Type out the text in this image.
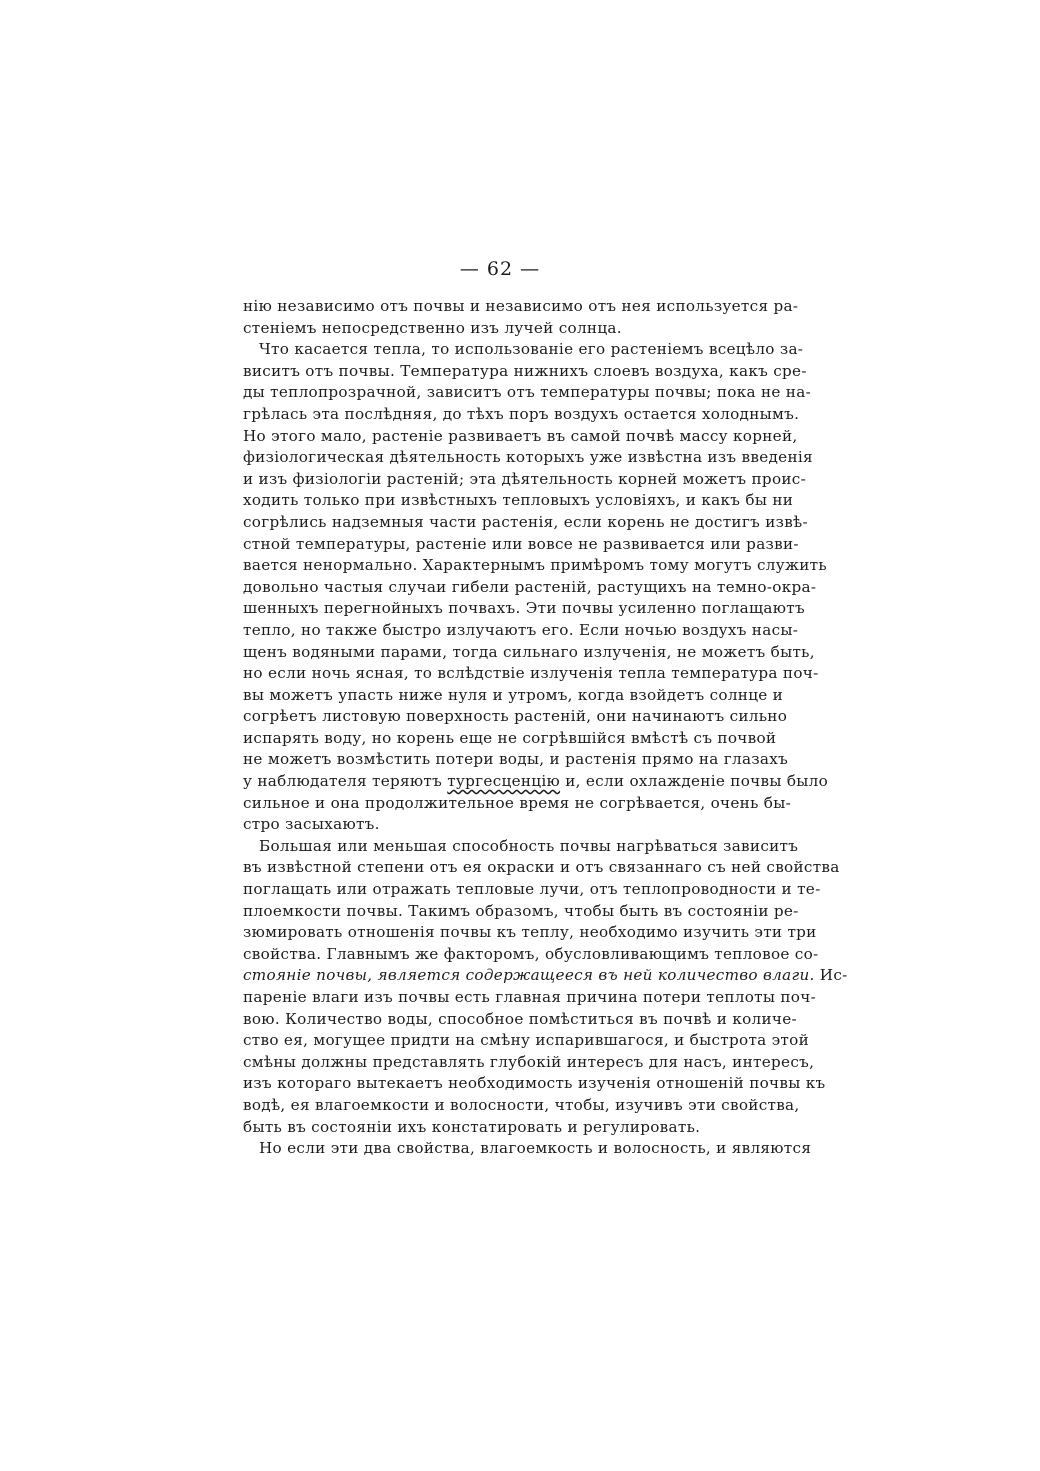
— 62 —
нію независимо отъ почвы и независимо отъ нея используется ра-
стеніемъ непосредственно изъ лучей солнца.
Что касается тепла, то использованіе его растеніемъ всецѣло за-
виситъ отъ почвы. Температура нижнихъ слоевъ воздуха, какъ сре-
ды теплопрозрачной, зависитъ отъ температуры почвы; пока не на-
грѣлась эта послѣдняя, до тѣхъ поръ воздухъ остается холоднымъ.
Но этого мало, растеніе развиваетъ въ самой почвѣ массу корней,
физіологическая дѣятельность которыхъ уже извѣстна изъ введенія
и изъ физіологіи растеній; эта дѣятельность корней можетъ проис-
ходить только при извѣстныхъ тепловыхъ условіяхъ, и какъ бы ни
согрѣлись надземныя части растенія, если корень не достигъ извѣ-
стной температуры, растеніе или вовсе не развивается или разви-
вается ненормально. Характернымъ примѣромъ тому могутъ служить
довольно частыя случаи гибели растеній, растущихъ на темно-окра-
шенныхъ перегнойныхъ почвахъ. Эти почвы усиленно поглащаютъ
тепло, но также быстро излучаютъ его. Если ночью воздухъ насы-
щенъ водяными парами, тогда сильнаго излученія, не можетъ быть,
но если ночь ясная, то вслѣдствіе излученія тепла температура поч-
вы можетъ упасть ниже нуля и утромъ, когда взойдетъ солнце и
согрѣетъ листовую поверхность растеній, они начинаютъ сильно
испарять воду, но корень еще не согрѣвшійся вмѣстѣ съ почвой
не можетъ возмѣстить потери воды, и растенія прямо на глазахъ
у наблюдателя теряютъ тургесценцію и, если охлажденіе почвы было
сильное и она продолжительное время не согрѣвается, очень бы-
стро засыхаютъ.
Большая или меньшая способность почвы нагрѣваться зависитъ
въ извѣстной степени отъ ея окраски и отъ связаннаго съ ней свойства
поглащать или отражать тепловые лучи, отъ теплопроводности и те-
плоемкости почвы. Такимъ образомъ, чтобы быть въ состояніи ре-
зюмировать отношенія почвы къ теплу, необходимо изучить эти три
свойства. Главнымъ же факторомъ, обусловливающимъ тепловое со-
стояніе почвы, является содержащееся въ ней количество влаги. Ис-
пареніе влаги изъ почвы есть главная причина потери теплоты поч-
вою. Количество воды, способное помѣститься въ почвѣ и количе-
ство ея, могущее придти на смѣну испарившагося, и быстрота этой
смѣны должны представлять глубокій интересъ для насъ, интересъ,
изъ котораго вытекаетъ необходимость изученія отношеній почвы къ
водѣ, ея влагоемкости и волосности, чтобы, изучивъ эти свойства,
быть въ состояніи ихъ констатировать и регулировать.
Но если эти два свойства, влагоемкость и волосность, и являются
